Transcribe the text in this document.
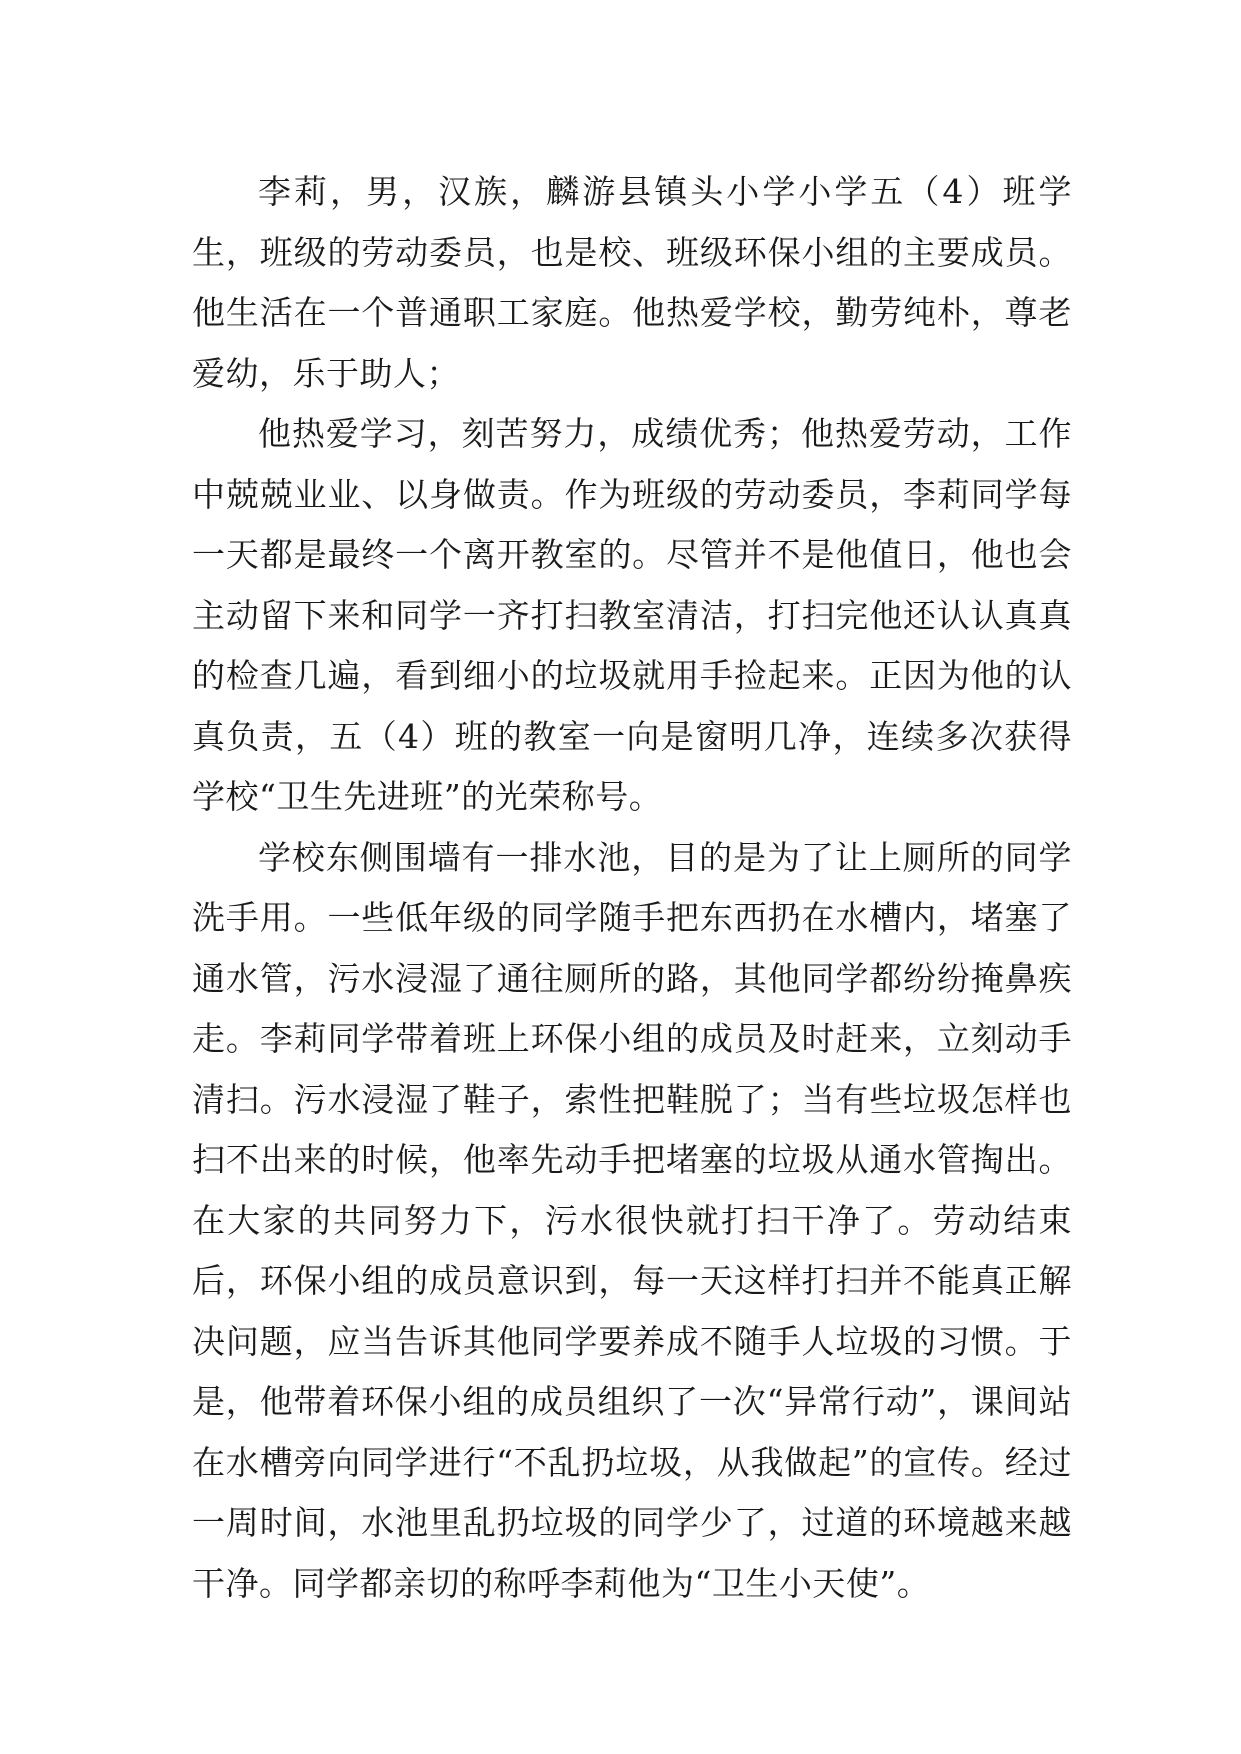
李莉，男，汉族，麟游县镇头小学小学五（4）班学生，班级的劳动委员，也是校、班级环保小组的主要成员。他生活在一个普通职工家庭。他热爱学校，勤劳纯朴，尊老爱幼，乐于助人；

他热爱学习，刻苦努力，成绩优秀；他热爱劳动，工作中兢兢业业、以身做责。作为班级的劳动委员，李莉同学每一天都是最终一个离开教室的。尽管并不是他值日，他也会主动留下来和同学一齐打扫教室清洁，打扫完他还认认真真的检查几遍，看到细小的垃圾就用手捡起来。正因为他的认真负责，五（4）班的教室一向是窗明几净，连续多次获得学校“卫生先进班”的光荣称号。

学校东侧围墙有一排水池，目的是为了让上厕所的同学洗手用。一些低年级的同学随手把东西扔在水槽内，堵塞了通水管，污水浸湿了通往厕所的路，其他同学都纷纷掩鼻疾走。李莉同学带着班上环保小组的成员及时赶来，立刻动手清扫。污水浸湿了鞋子，索性把鞋脱了；当有些垃圾怎样也扫不出来的时候，他率先动手把堵塞的垃圾从通水管掏出。在大家的共同努力下，污水很快就打扫干净了。劳动结束后，环保小组的成员意识到，每一天这样打扫并不能真正解决问题，应当告诉其他同学要养成不随手人垃圾的习惯。于是，他带着环保小组的成员组织了一次“异常行动”，课间站在水槽旁向同学进行“不乱扔垃圾，从我做起”的宣传。经过一周时间，水池里乱扔垃圾的同学少了，过道的环境越来越干净。同学都亲切的称呼李莉他为“卫生小天使”。
